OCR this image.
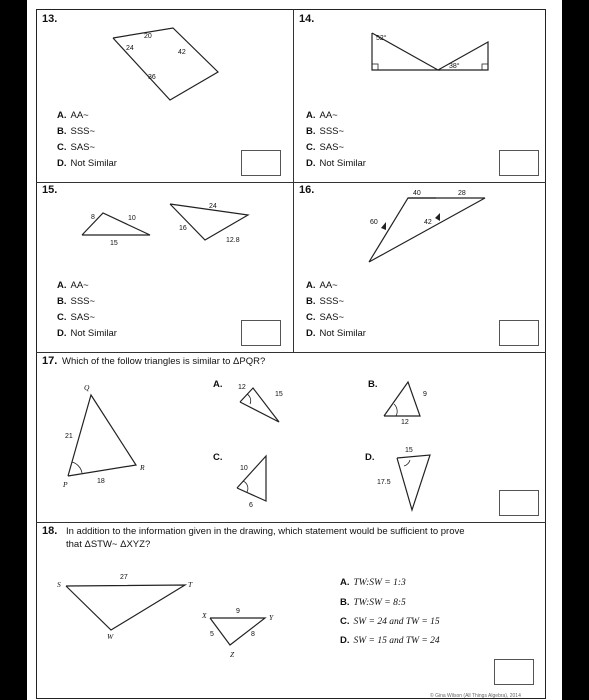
13.
20
24
42
36
A. AA~
B. SSS~
C. SAS~
D. Not Similar
14.
52°
38°
A. AA~
B. SSS~
C. SAS~
D. Not Similar
15.
8	10
15
24
16
12.8
A. AA~
B. SSS~
C. SAS~
D. Not Similar
16.	40	28
60	42
A. AA~
B. SSS~
C. SAS~
D. Not Similar
17. Which of the follow triangles is similar to ΔPQR?
Q
21
R
P	18
A. 12
15
B.
9
12
C.
10
6
D.
15
17.5
18. In addition to the information given in the drawing, which statement would be sufficient to prove
that ΔSTW~ ΔXYZ?
S
27
T
W
X	9
Y
5	8
Z
A. TW:SW = 1:3
B. TW:SW = 8:5
C. SW = 24 and TW = 15
D. SW = 15 and TW = 24
© Gina Wilson (All Things Algebra), 2014
